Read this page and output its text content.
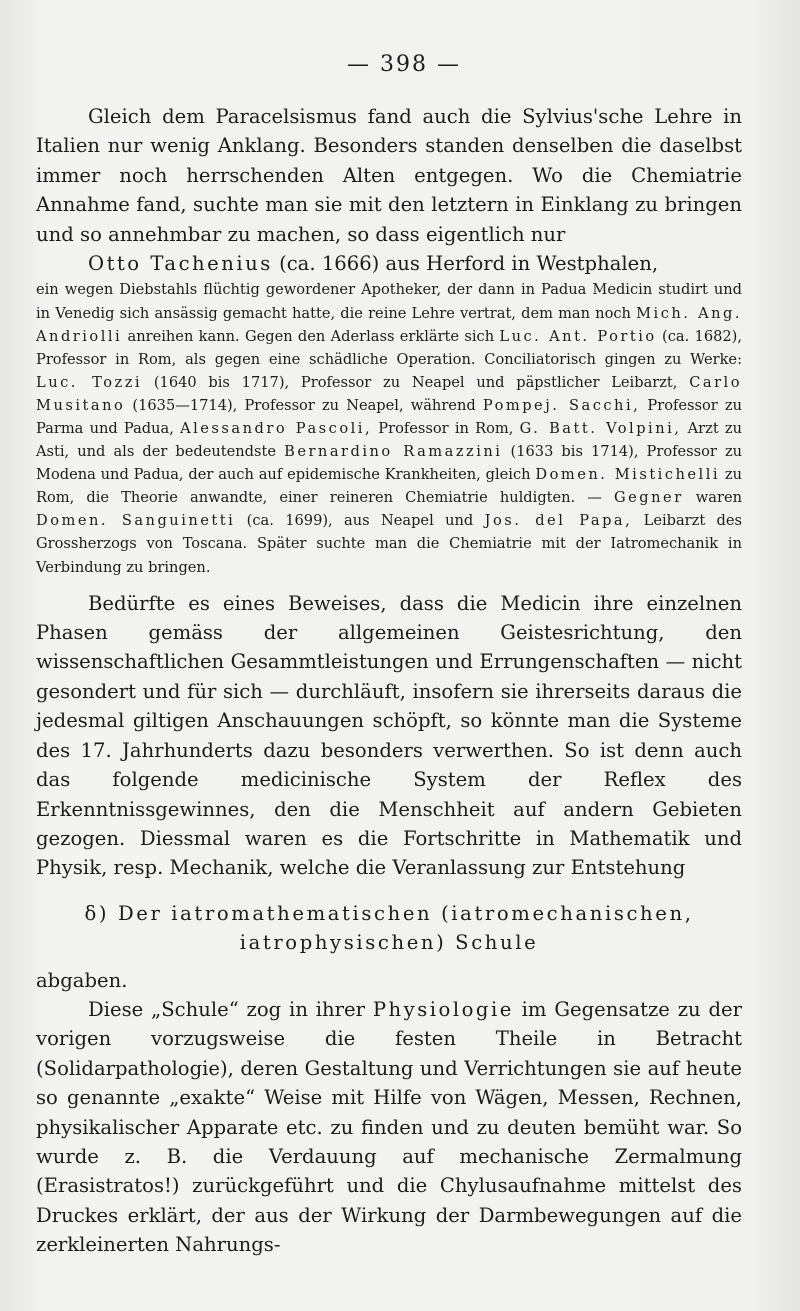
— 398 —

Gleich dem Paracelsismus fand auch die Sylvius'sche Lehre in Italien nur wenig Anklang. Besonders standen denselben die daselbst immer noch herrschenden Alten entgegen. Wo die Chemiatrie Annahme fand, suchte man sie mit den letztern in Einklang zu bringen und so annehmbar zu machen, so dass eigentlich nur

Otto Tachenius (ca. 1666) aus Herford in Westphalen,

ein wegen Diebstahls flüchtig gewordener Apotheker, der dann in Padua Medicin studirt und in Venedig sich ansässig gemacht hatte, die reine Lehre vertrat, dem man noch Mich. Ang. Andriolli anreihen kann. Gegen den Aderlass erklärte sich Luc. Ant. Portio (ca. 1682), Professor in Rom, als gegen eine schädliche Operation. Conciliatorisch gingen zu Werke: Luc. Tozzi (1640 bis 1717), Professor zu Neapel und päpstlicher Leibarzt, Carlo Musitano (1635—1714), Professor zu Neapel, während Pompej. Sacchi, Professor zu Parma und Padua, Alessandro Pascoli, Professor in Rom, G. Batt. Volpini, Arzt zu Asti, und als der bedeutendste Bernardino Ramazzini (1633 bis 1714), Professor zu Modena und Padua, der auch auf epidemische Krankheiten, gleich Domen. Mistichelli zu Rom, die Theorie anwandte, einer reineren Chemiatrie huldigten. — Gegner waren Domen. Sanguinetti (ca. 1699), aus Neapel und Jos. del Papa, Leibarzt des Grossherzogs von Toscana. Später suchte man die Chemiatrie mit der Iatromechanik in Verbindung zu bringen.

Bedürfte es eines Beweises, dass die Medicin ihre einzelnen Phasen gemäss der allgemeinen Geistesrichtung, den wissenschaftlichen Gesammtleistungen und Errungenschaften — nicht gesondert und für sich — durchläuft, insofern sie ihrerseits daraus die jedesmal giltigen Anschauungen schöpft, so könnte man die Systeme des 17. Jahrhunderts dazu besonders verwerthen. So ist denn auch das folgende medicinische System der Reflex des Erkenntnissgewinnes, den die Menschheit auf andern Gebieten gezogen. Diessmal waren es die Fortschritte in Mathematik und Physik, resp. Mechanik, welche die Veranlassung zur Entstehung

δ) Der iatromathematischen (iatromechanischen,
iatrophysischen) Schule

abgaben.

Diese „Schule“ zog in ihrer Physiologie im Gegensatze zu der vorigen vorzugsweise die festen Theile in Betracht (Solidarpathologie), deren Gestaltung und Verrichtungen sie auf heute so genannte „exakte“ Weise mit Hilfe von Wägen, Messen, Rechnen, physikalischer Apparate etc. zu finden und zu deuten bemüht war. So wurde z. B. die Verdauung auf mechanische Zermalmung (Erasistratos!) zurückgeführt und die Chylusaufnahme mittelst des Druckes erklärt, der aus der Wirkung der Darmbewegungen auf die zerkleinerten Nahrungs-
